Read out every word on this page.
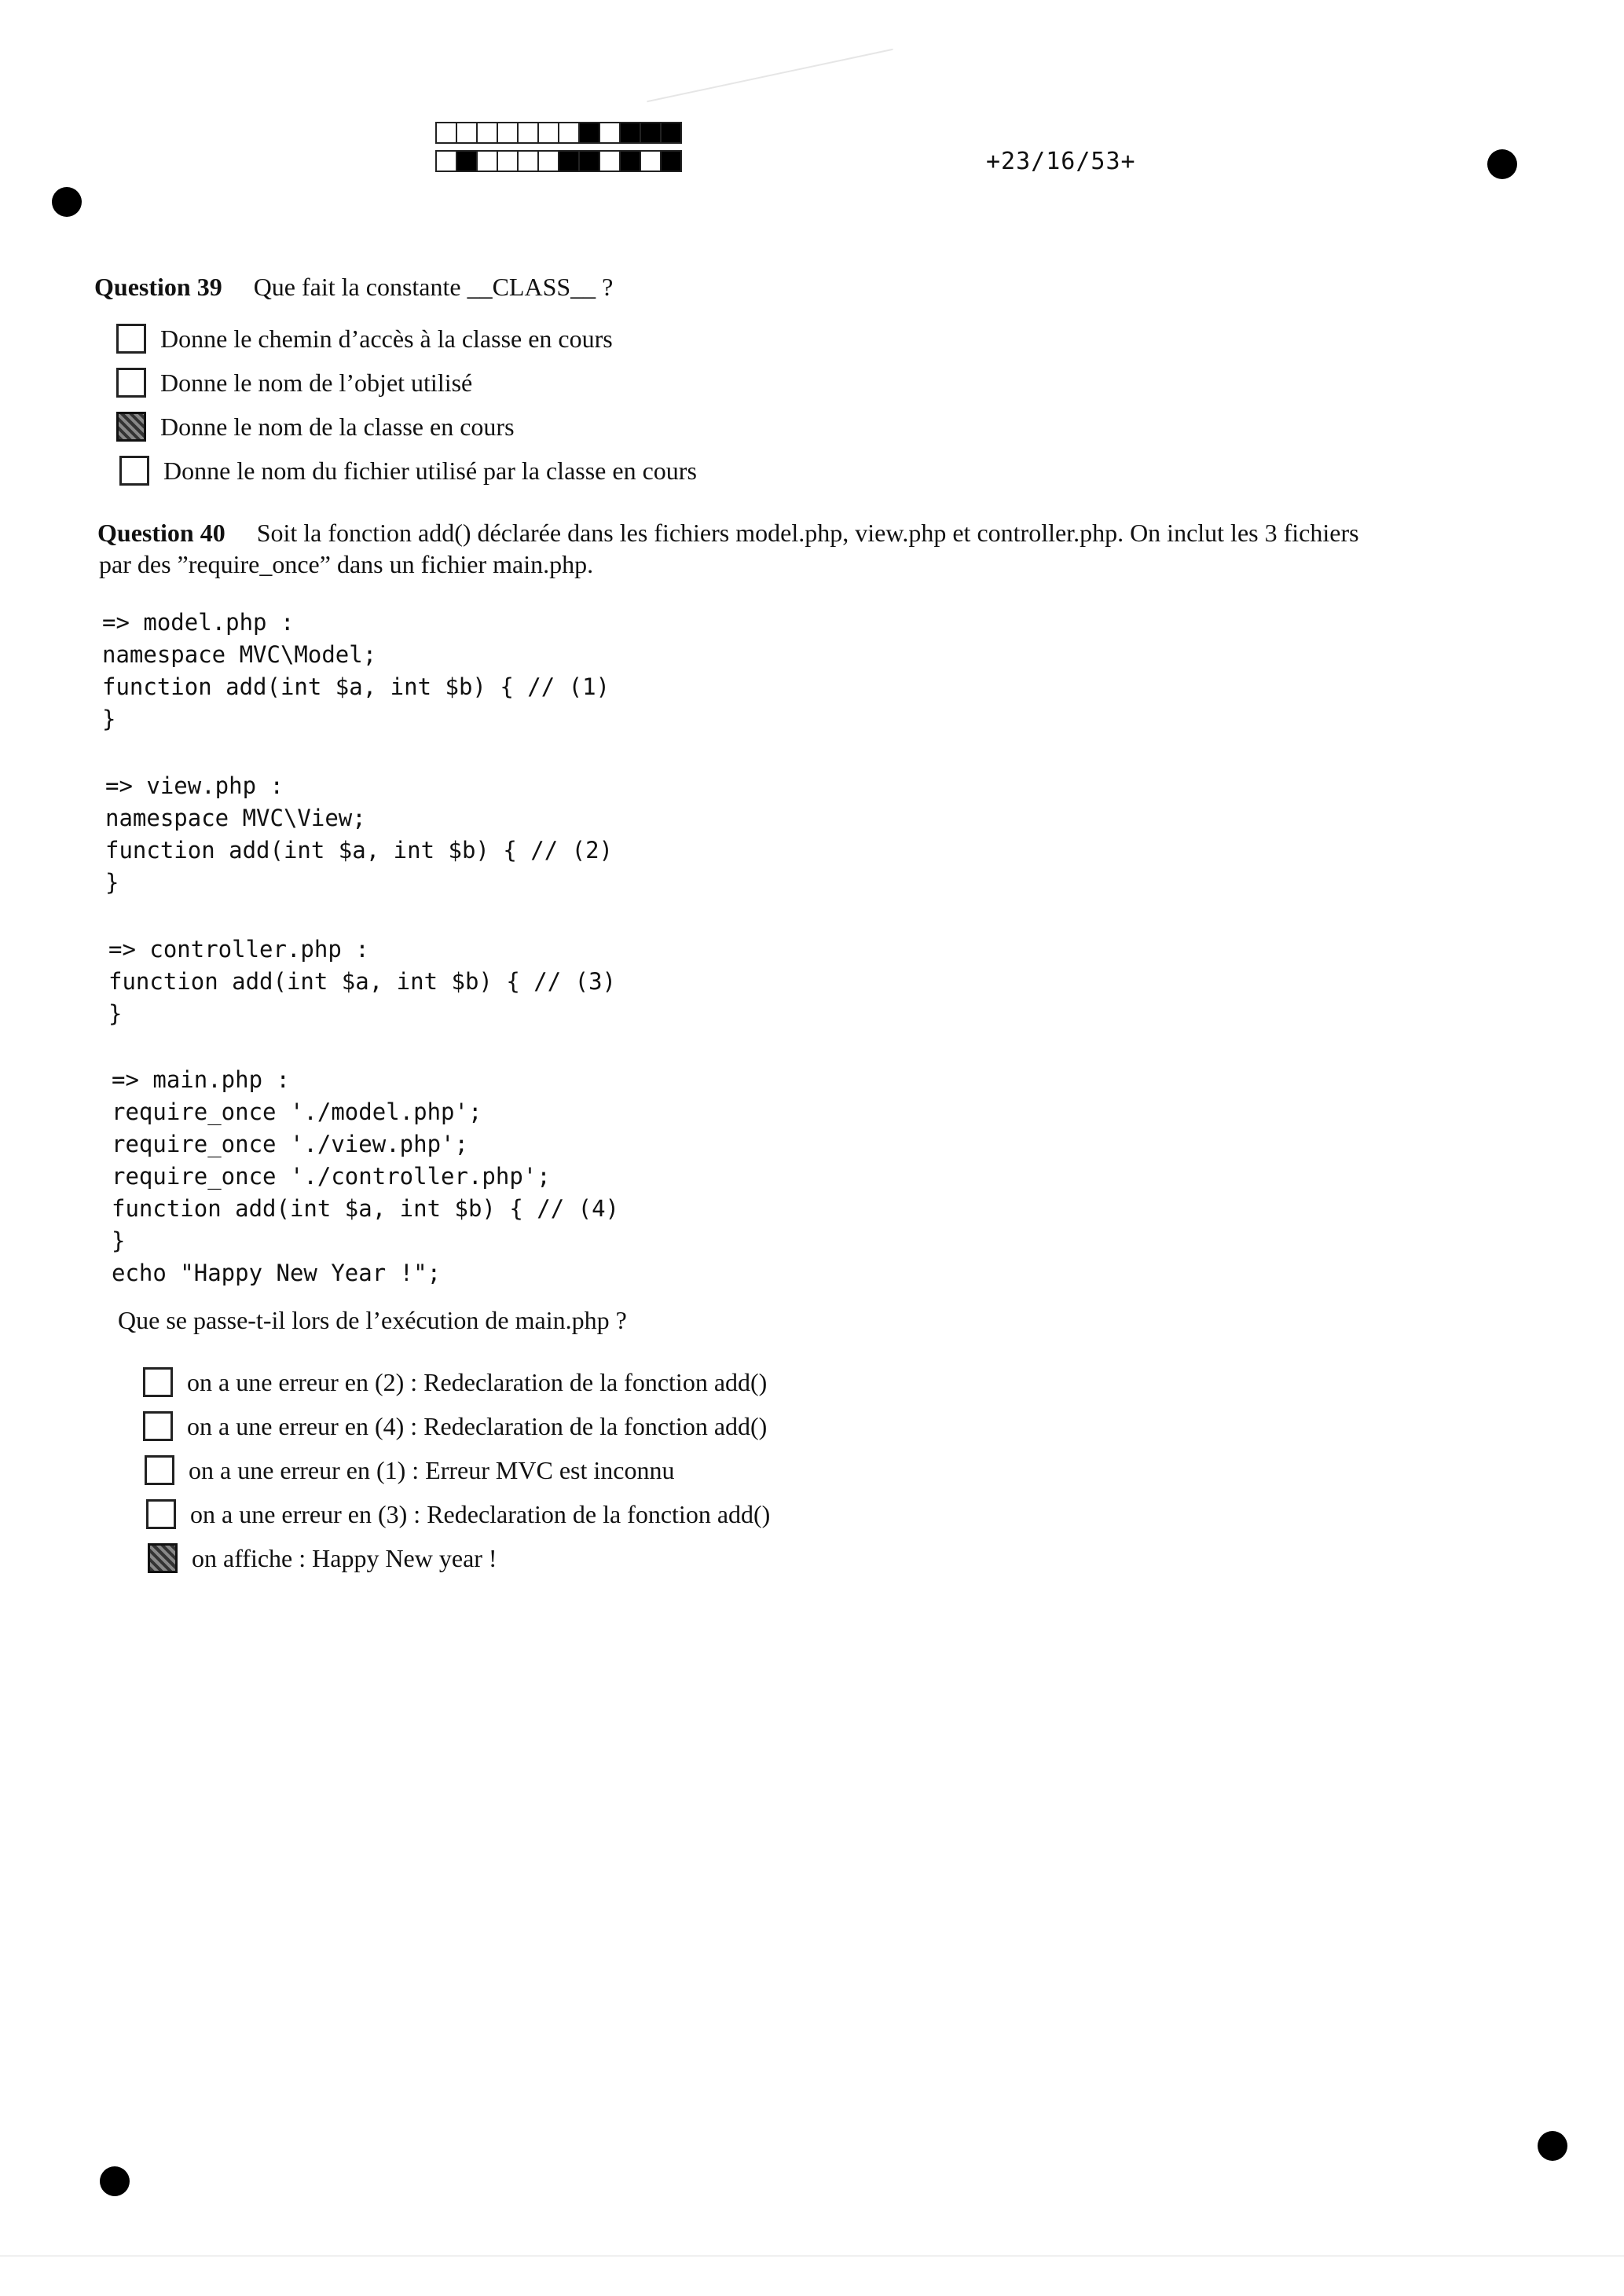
+23/16/53+
Question 39 Que fait la constante __CLASS__ ?
Donne le chemin d’accès à la classe en cours
Donne le nom de l’objet utilisé
Donne le nom de la classe en cours
Donne le nom du fichier utilisé par la classe en cours
Question 40 Soit la fonction add() déclarée dans les fichiers model.php, view.php et controller.php. On inclut les 3 fichiers
par des ”require_once” dans un fichier main.php.
=> model.php :
namespace MVC\Model;
function add(int $a, int $b) { // (1)
}
=> view.php :
namespace MVC\View;
function add(int $a, int $b) { // (2)
}
=> controller.php :
function add(int $a, int $b) { // (3)
}
=> main.php :
require_once './model.php';
require_once './view.php';
require_once './controller.php';
function add(int $a, int $b) { // (4)
}
echo "Happy New Year !";
Que se passe-t-il lors de l’exécution de main.php ?
on a une erreur en (2) : Redeclaration de la fonction add()
on a une erreur en (4) : Redeclaration de la fonction add()
on a une erreur en (1) : Erreur MVC est inconnu
on a une erreur en (3) : Redeclaration de la fonction add()
on affiche : Happy New year !
